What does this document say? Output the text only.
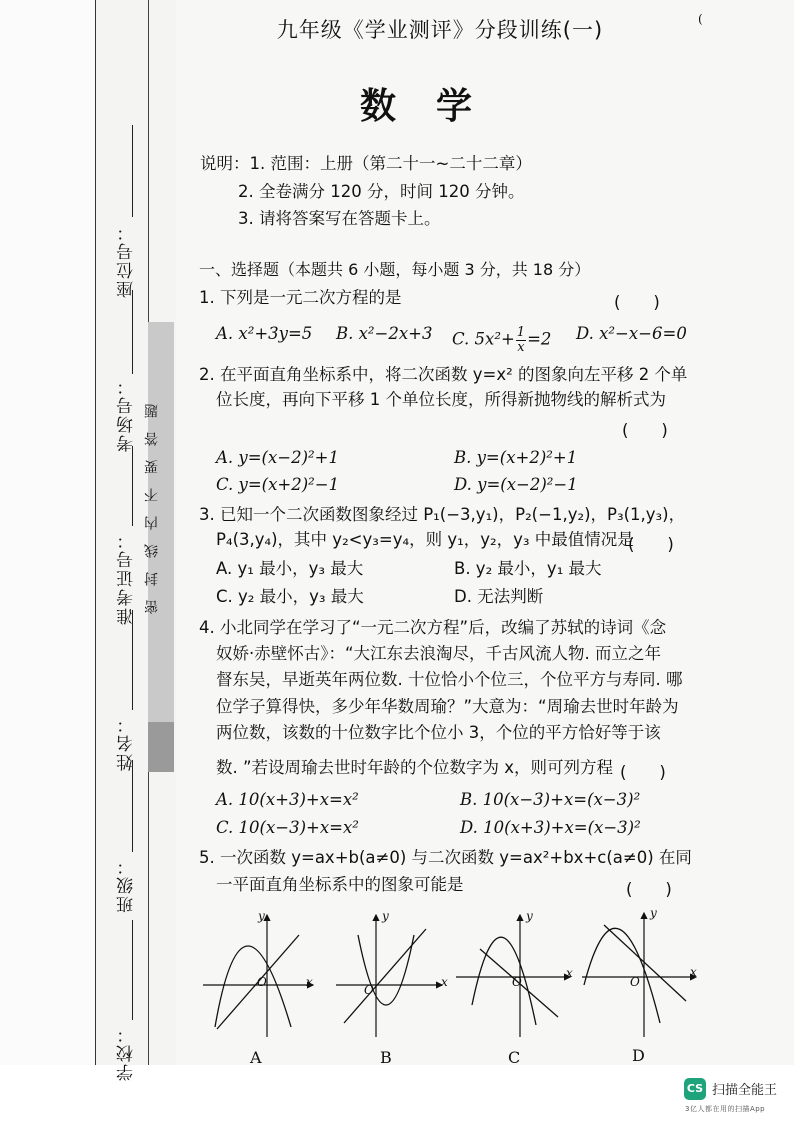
座位号：
考场号：
准考证号：
姓名：
班级：
学校：
密封线内不要答题
九年级《学业测评》分段训练(一)	(
数学
说明：1. 范围：上册（第二十一~二十二章）
2. 全卷满分 120 分，时间 120 分钟。
3. 请将答案写在答题卡上。
一、选择题（本题共 6 小题，每小题 3 分，共 18 分）
1. 下列是一元二次方程的是	(　　)
A. x²+3y=5 B. x²−2x+3 C. $5x^2+ \frac{1}{x} =2$ D. x²−x−6=0
2. 在平面直角坐标系中，将二次函数 y=x² 的图象向左平移 2 个单
位长度，再向下平移 1 个单位长度，所得新抛物线的解析式为
(　　)
A. y=(x−2)²+1	B. y=(x+2)²+1
C. y=(x+2)²−1	D. y=(x−2)²−1
3. 已知一个二次函数图象经过 P₁(−3,y₁)，P₂(−1,y₂)，P₃(1,y₃)，
P₄(3,y₄)，其中 y₂<y₃=y₄，则 y₁，y₂，y₃ 中最值情况是
(　　)
A. y₁ 最小，y₃ 最大	B. y₂ 最小，y₁ 最大
C. y₂ 最小，y₃ 最大	D. 无法判断
4. 小北同学在学习了“一元二次方程”后，改编了苏轼的诗词《念
奴娇·赤壁怀古》：“大江东去浪淘尽，千古风流人物. 而立之年
督东吴，早逝英年两位数. 十位恰小个位三，个位平方与寿同. 哪
位学子算得快，多少年华数周瑜？”大意为：“周瑜去世时年龄为
两位数，该数的十位数字比个位小 3，个位的平方恰好等于该
数. ”若设周瑜去世时年龄的个位数字为 x，则可列方程 (　　)
A. 10(x+3)+x=x²	B. 10(x−3)+x=(x−3)²
C. 10(x−3)+x=x²	D. 10(x+3)+x=(x−3)²
5. 一次函数 y=ax+b(a≠0) 与二次函数 y=ax²+bx+c(a≠0) 在同
一平面直角坐标系中的图象可能是	(　　)
O	x
y
A
O
x
y
B
O
x
y
C
O
x
y
D
CS 扫描全能王
3亿人都在用的扫描App
